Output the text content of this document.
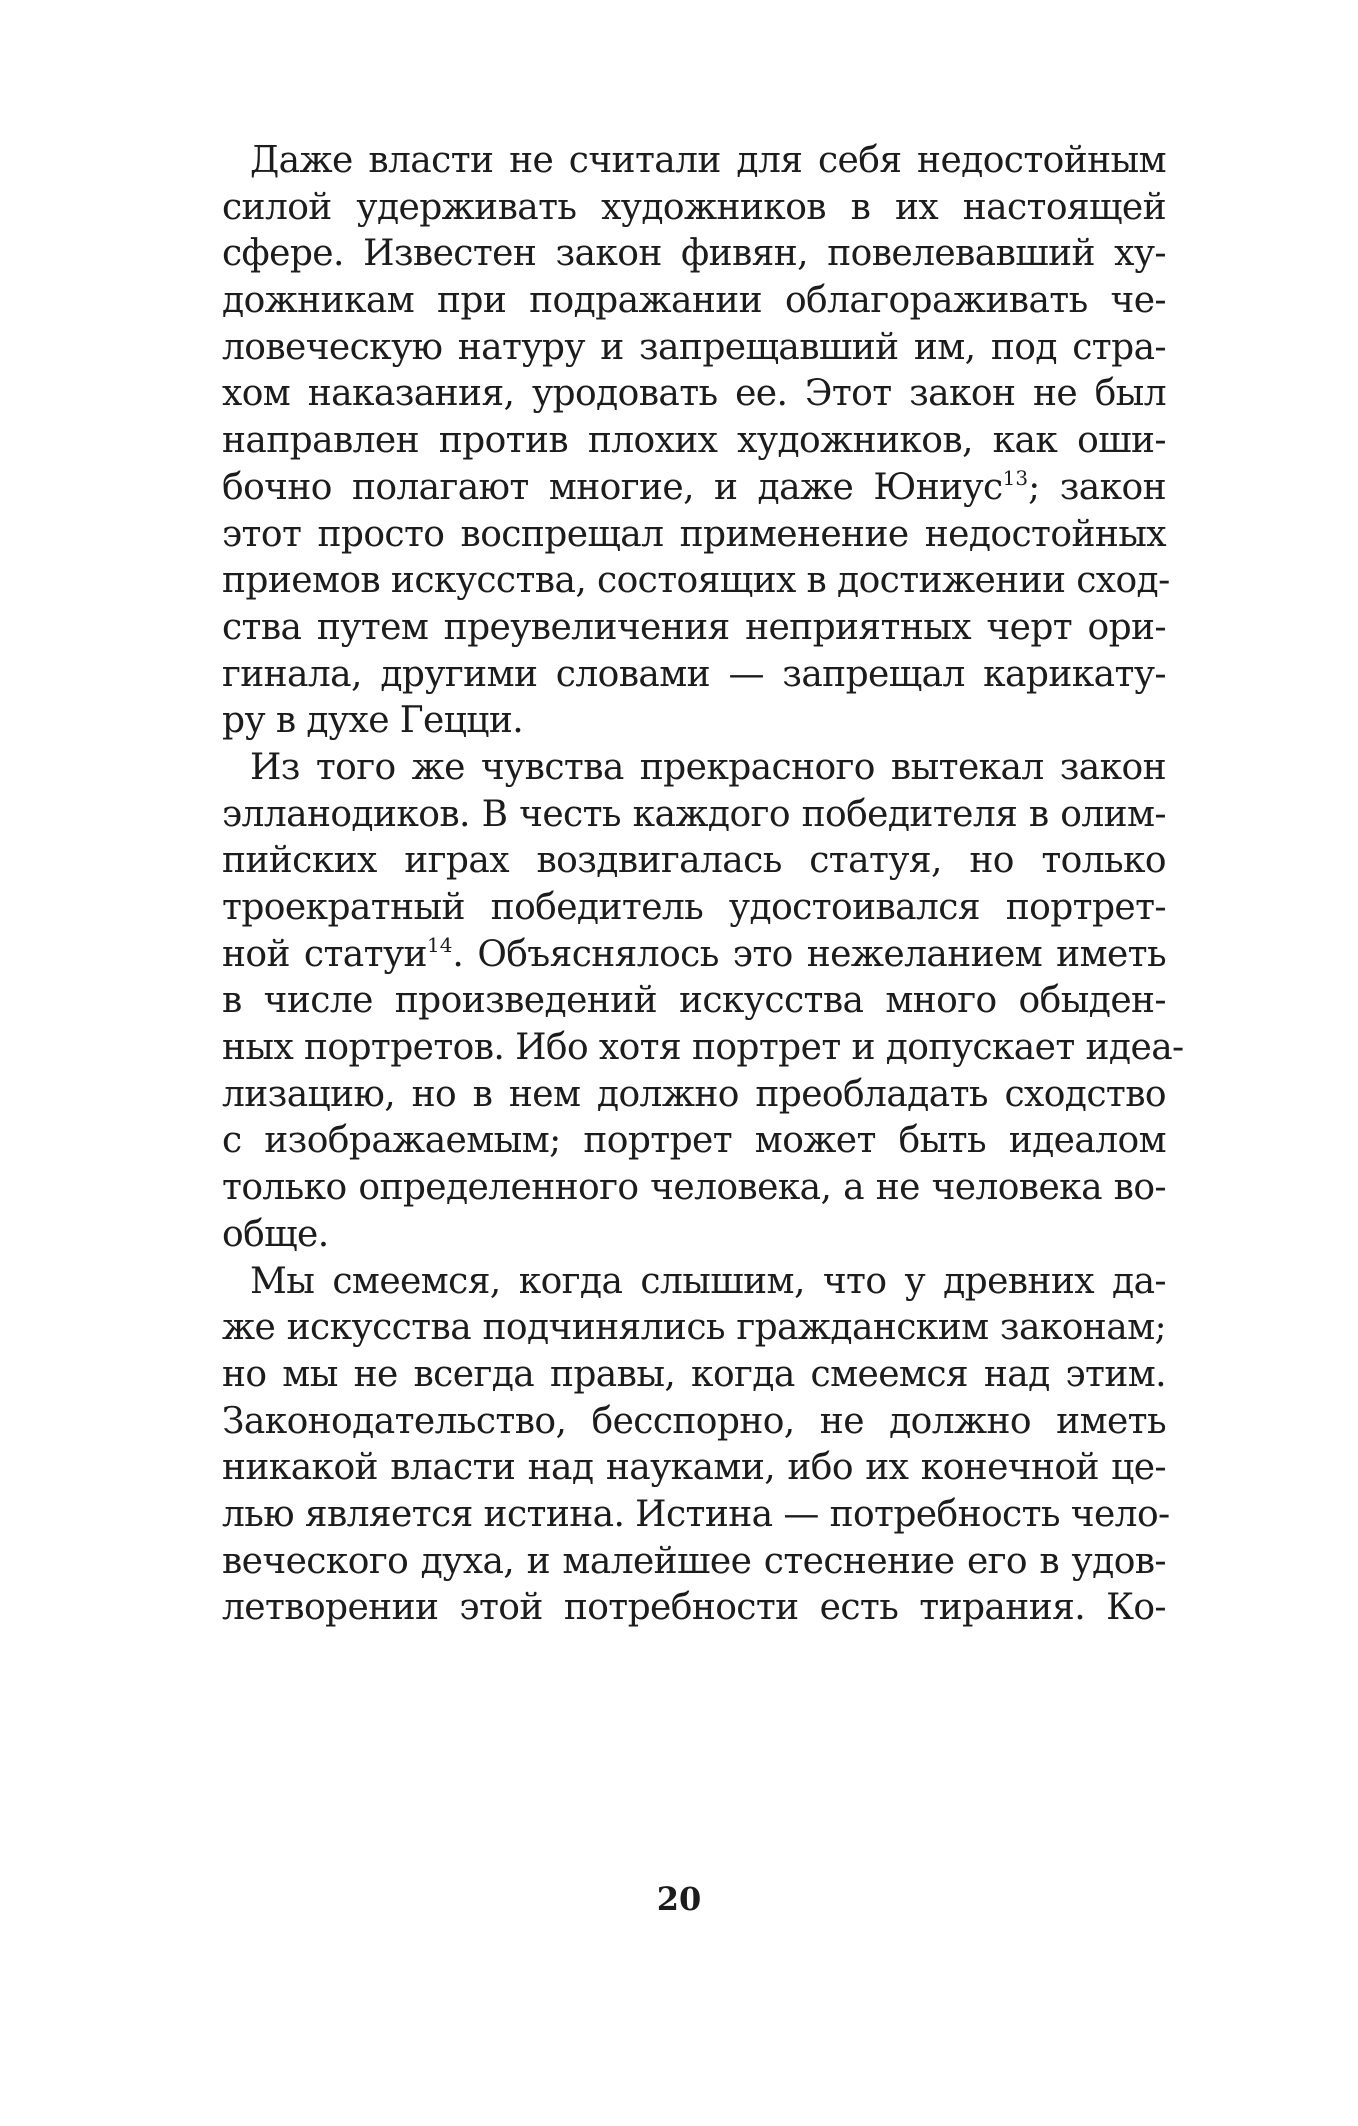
Даже власти не считали для себя недостойным
силой удерживать художников в их настоящей
сфере. Известен закон фивян, повелевавший ху-
дожникам при подражании облагораживать че-
ловеческую натуру и запрещавший им, под стра-
хом наказания, уродовать ее. Этот закон не был
направлен против плохих художников, как оши-
бочно полагают многие, и даже Юниус$^{13}$; закон
этот просто воспрещал применение недостойных
приемов искусства, состоящих в достижении сход-
ства путем преувеличения неприятных черт ори-
гинала, другими словами — запрещал карикату-
ру в духе Гецци.
Из того же чувства прекрасного вытекал закон
элланодиков. В честь каждого победителя в олим-
пийских играх воздвигалась статуя, но только
троекратный победитель удостоивался портрет-
ной статуи$^{14}$. Объяснялось это нежеланием иметь
в числе произведений искусства много обыден-
ных портретов. Ибо хотя портрет и допускает идеа-
лизацию, но в нем должно преобладать сходство
с изображаемым; портрет может быть идеалом
только определенного человека, а не человека во-
обще.
Мы смеемся, когда слышим, что у древних да-
же искусства подчинялись гражданским законам;
но мы не всегда правы, когда смеемся над этим.
Законодательство, бесспорно, не должно иметь
никакой власти над науками, ибо их конечной це-
лью является истина. Истина — потребность чело-
веческого духа, и малейшее стеснение его в удов-
летворении этой потребности есть тирания. Ко-
20
